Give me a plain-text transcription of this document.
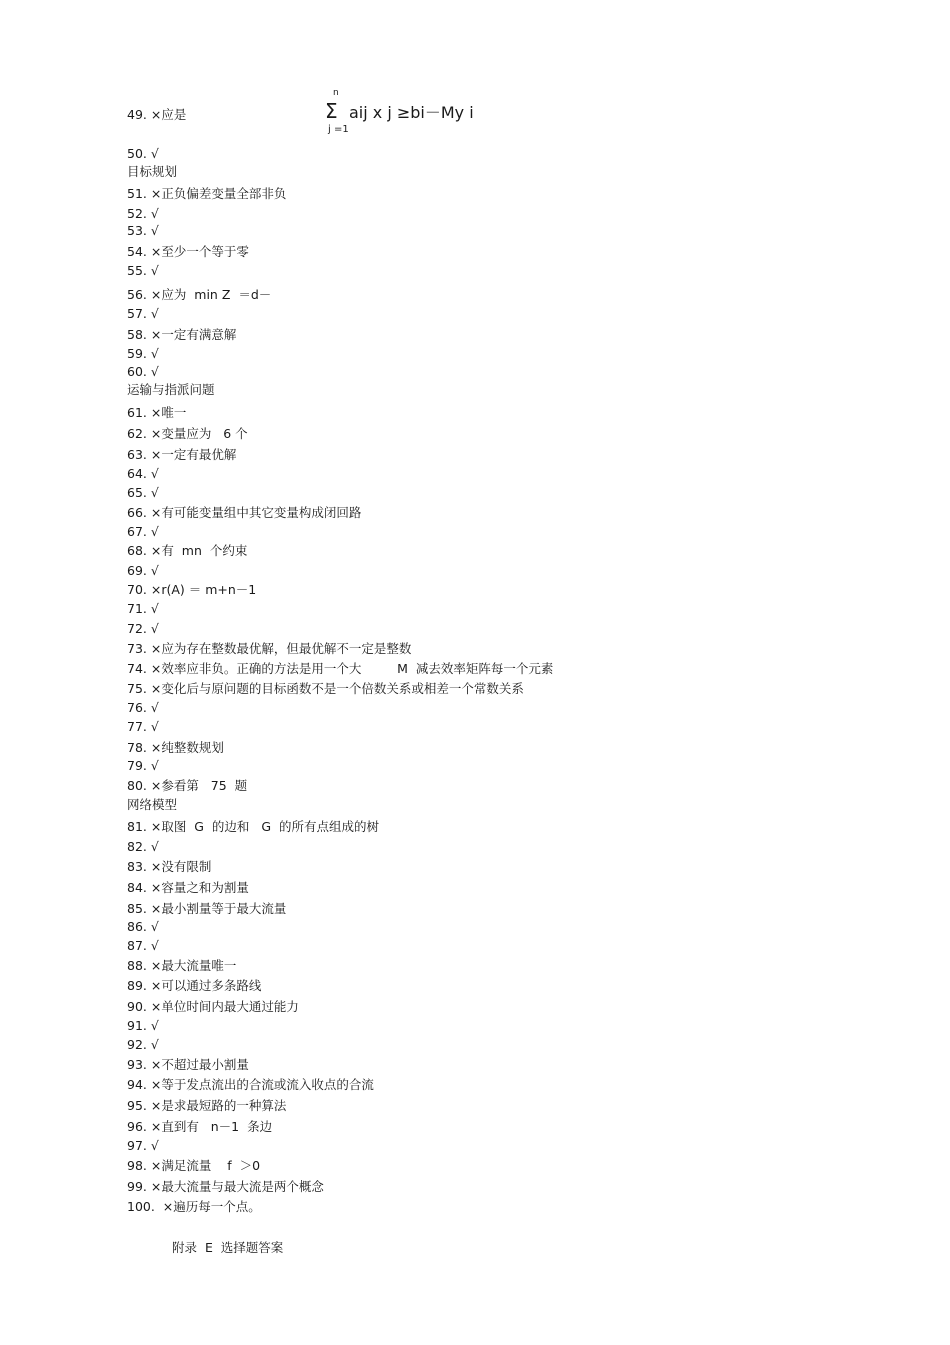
49. ×应是
n
Σ
j =1
aij x j ≥bi－My i
50. √
目标规划
51. ×正负偏差变量全部非负
52. √
53. √
54. ×至少一个等于零
55. √
56. ×应为  min Z  ＝d－
57. √
58. ×一定有满意解
59. √
60. √
运输与指派问题
61. ×唯一
62. ×变量应为   6 个
63. ×一定有最优解
64. √
65. √
66. ×有可能变量组中其它变量构成闭回路
67. √
68. ×有  mn  个约束
69. √
70. ×r(A) ＝ m+n－1
71. √
72. √
73. ×应为存在整数最优解，但最优解不一定是整数
74. ×效率应非负。正确的方法是用一个大         M  减去效率矩阵每一个元素
75. ×变化后与原问题的目标函数不是一个倍数关系或相差一个常数关系
76. √
77. √
78. ×纯整数规划
79. √
80. ×参看第   75  题
网络模型
81. ×取图  G  的边和   G  的所有点组成的树
82. √
83. ×没有限制
84. ×容量之和为割量
85. ×最小割量等于最大流量
86. √
87. √
88. ×最大流量唯一
89. ×可以通过多条路线
90. ×单位时间内最大通过能力
91. √
92. √
93. ×不超过最小割量
94. ×等于发点流出的合流或流入收点的合流
95. ×是求最短路的一种算法
96. ×直到有   n－1  条边
97. √
98. ×满足流量    f  ＞0
99. ×最大流量与最大流是两个概念
100.  ×遍历每一个点。
附录  E  选择题答案
